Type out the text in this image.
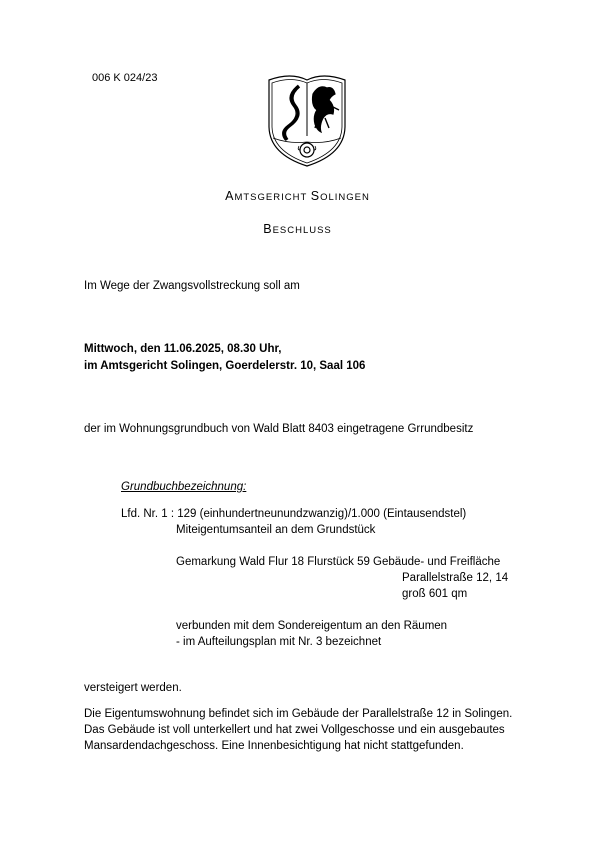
006 K 024/23
AMTSGERICHT SOLINGEN
BESCHLUSS
Im Wege der Zwangsvollstreckung soll am
Mittwoch, den 11.06.2025, 08.30 Uhr,
im Amtsgericht Solingen, Goerdelerstr. 10, Saal 106
der im Wohnungsgrundbuch von Wald Blatt 8403 eingetragene Grrundbesitz
Grundbuchbezeichnung:
Lfd. Nr. 1 : 129 (einhundertneunundzwanzig)/1.000 (Eintausendstel)
Miteigentumsanteil an dem Grundstück
Gemarkung Wald Flur 18 Flurstück 59 Gebäude- und Freifläche
Parallelstraße 12, 14
groß 601 qm
verbunden mit dem Sondereigentum an den Räumen
- im Aufteilungsplan mit Nr. 3 bezeichnet
versteigert werden.
Die Eigentumswohnung befindet sich im Gebäude der Parallelstraße 12 in Solingen.
Das Gebäude ist voll unterkellert und hat zwei Vollgeschosse und ein ausgebautes
Mansardendachgeschoss. Eine Innenbesichtigung hat nicht stattgefunden.
